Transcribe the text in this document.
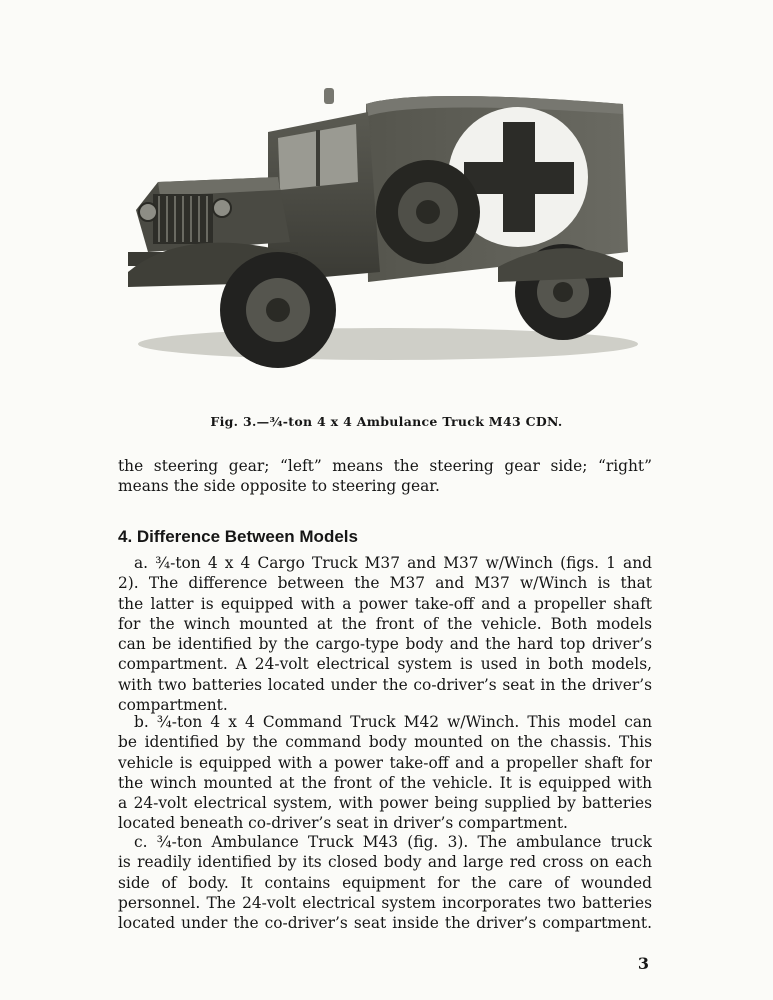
Fig. 3.—¾-ton 4 x 4 Ambulance Truck M43 CDN.
the steering gear; “left” means the steering gear side; “right”
means the side opposite to steering gear.
4. Difference Between Models
a. ¾-ton 4 x 4 Cargo Truck M37 and M37 w/Winch (figs. 1 and
2). The difference between the M37 and M37 w/Winch is that
the latter is equipped with a power take-off and a propeller shaft
for the winch mounted at the front of the vehicle. Both models
can be identified by the cargo-type body and the hard top driver’s
compartment. A 24-volt electrical system is used in both models,
with two batteries located under the co-driver’s seat in the driver’s
compartment.
b. ¾-ton 4 x 4 Command Truck M42 w/Winch. This model can
be identified by the command body mounted on the chassis. This
vehicle is equipped with a power take-off and a propeller shaft for
the winch mounted at the front of the vehicle. It is equipped with
a 24-volt electrical system, with power being supplied by batteries
located beneath co-driver’s seat in driver’s compartment.
c. ¾-ton Ambulance Truck M43 (fig. 3). The ambulance truck
is readily identified by its closed body and large red cross on each
side of body. It contains equipment for the care of wounded
personnel. The 24-volt electrical system incorporates two batteries
located under the co-driver’s seat inside the driver’s compartment.
3
